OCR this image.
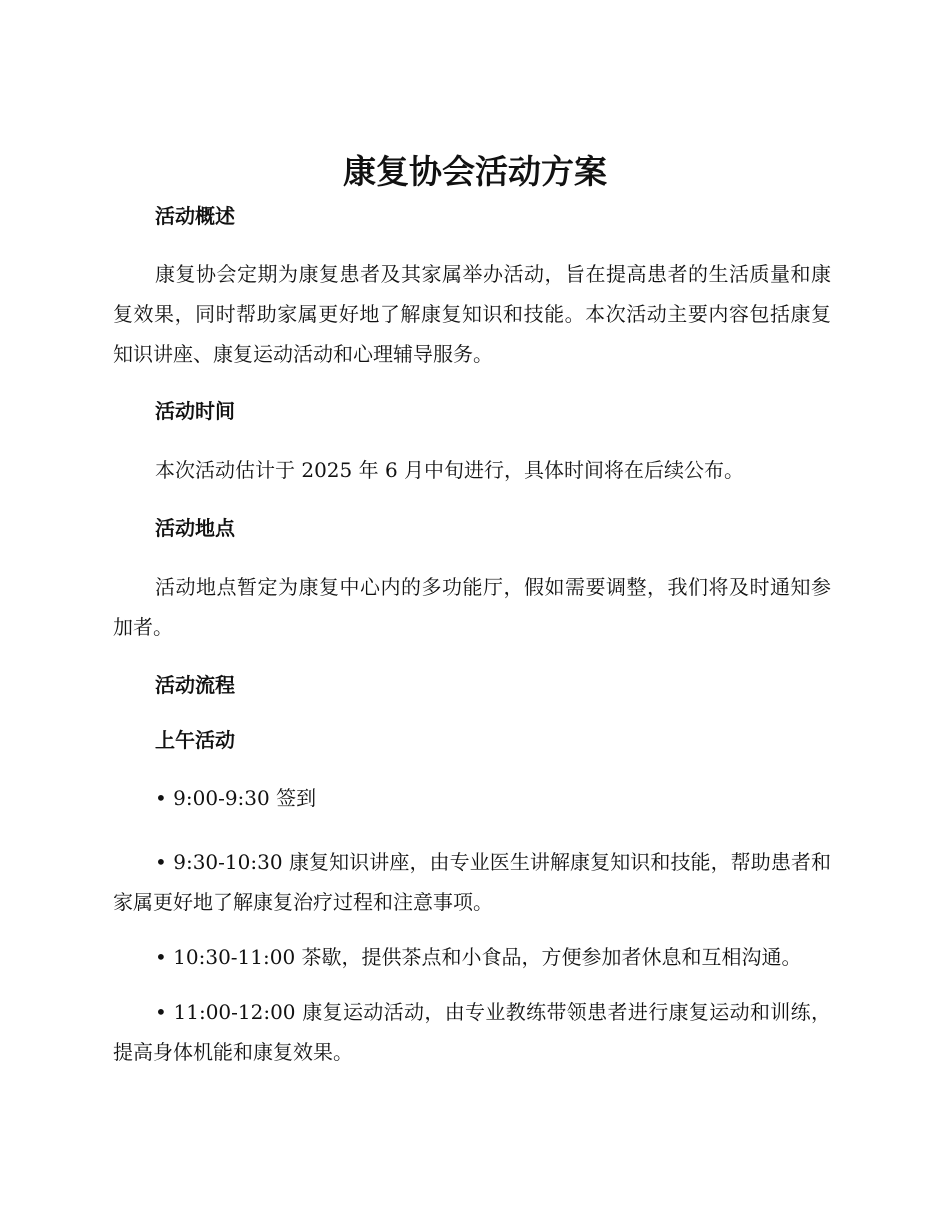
康复协会活动方案
活动概述

康复协会定期为康复患者及其家属举办活动，旨在提高患者的生活质量和康复效果，同时帮助家属更好地了解康复知识和技能。本次活动主要内容包括康复知识讲座、康复运动活动和心理辅导服务。

活动时间

本次活动估计于 2025 年 6 月中旬进行，具体时间将在后续公布。

活动地点

活动地点暂定为康复中心内的多功能厅，假如需要调整，我们将及时通知参加者。

活动流程
上午活动

• 9:00-9:30 签到

• 9:30-10:30 康复知识讲座，由专业医生讲解康复知识和技能，帮助患者和家属更好地了解康复治疗过程和注意事项。

• 10:30-11:00 茶歇，提供茶点和小食品，方便参加者休息和互相沟通。

• 11:00-12:00 康复运动活动，由专业教练带领患者进行康复运动和训练，提高身体机能和康复效果。
